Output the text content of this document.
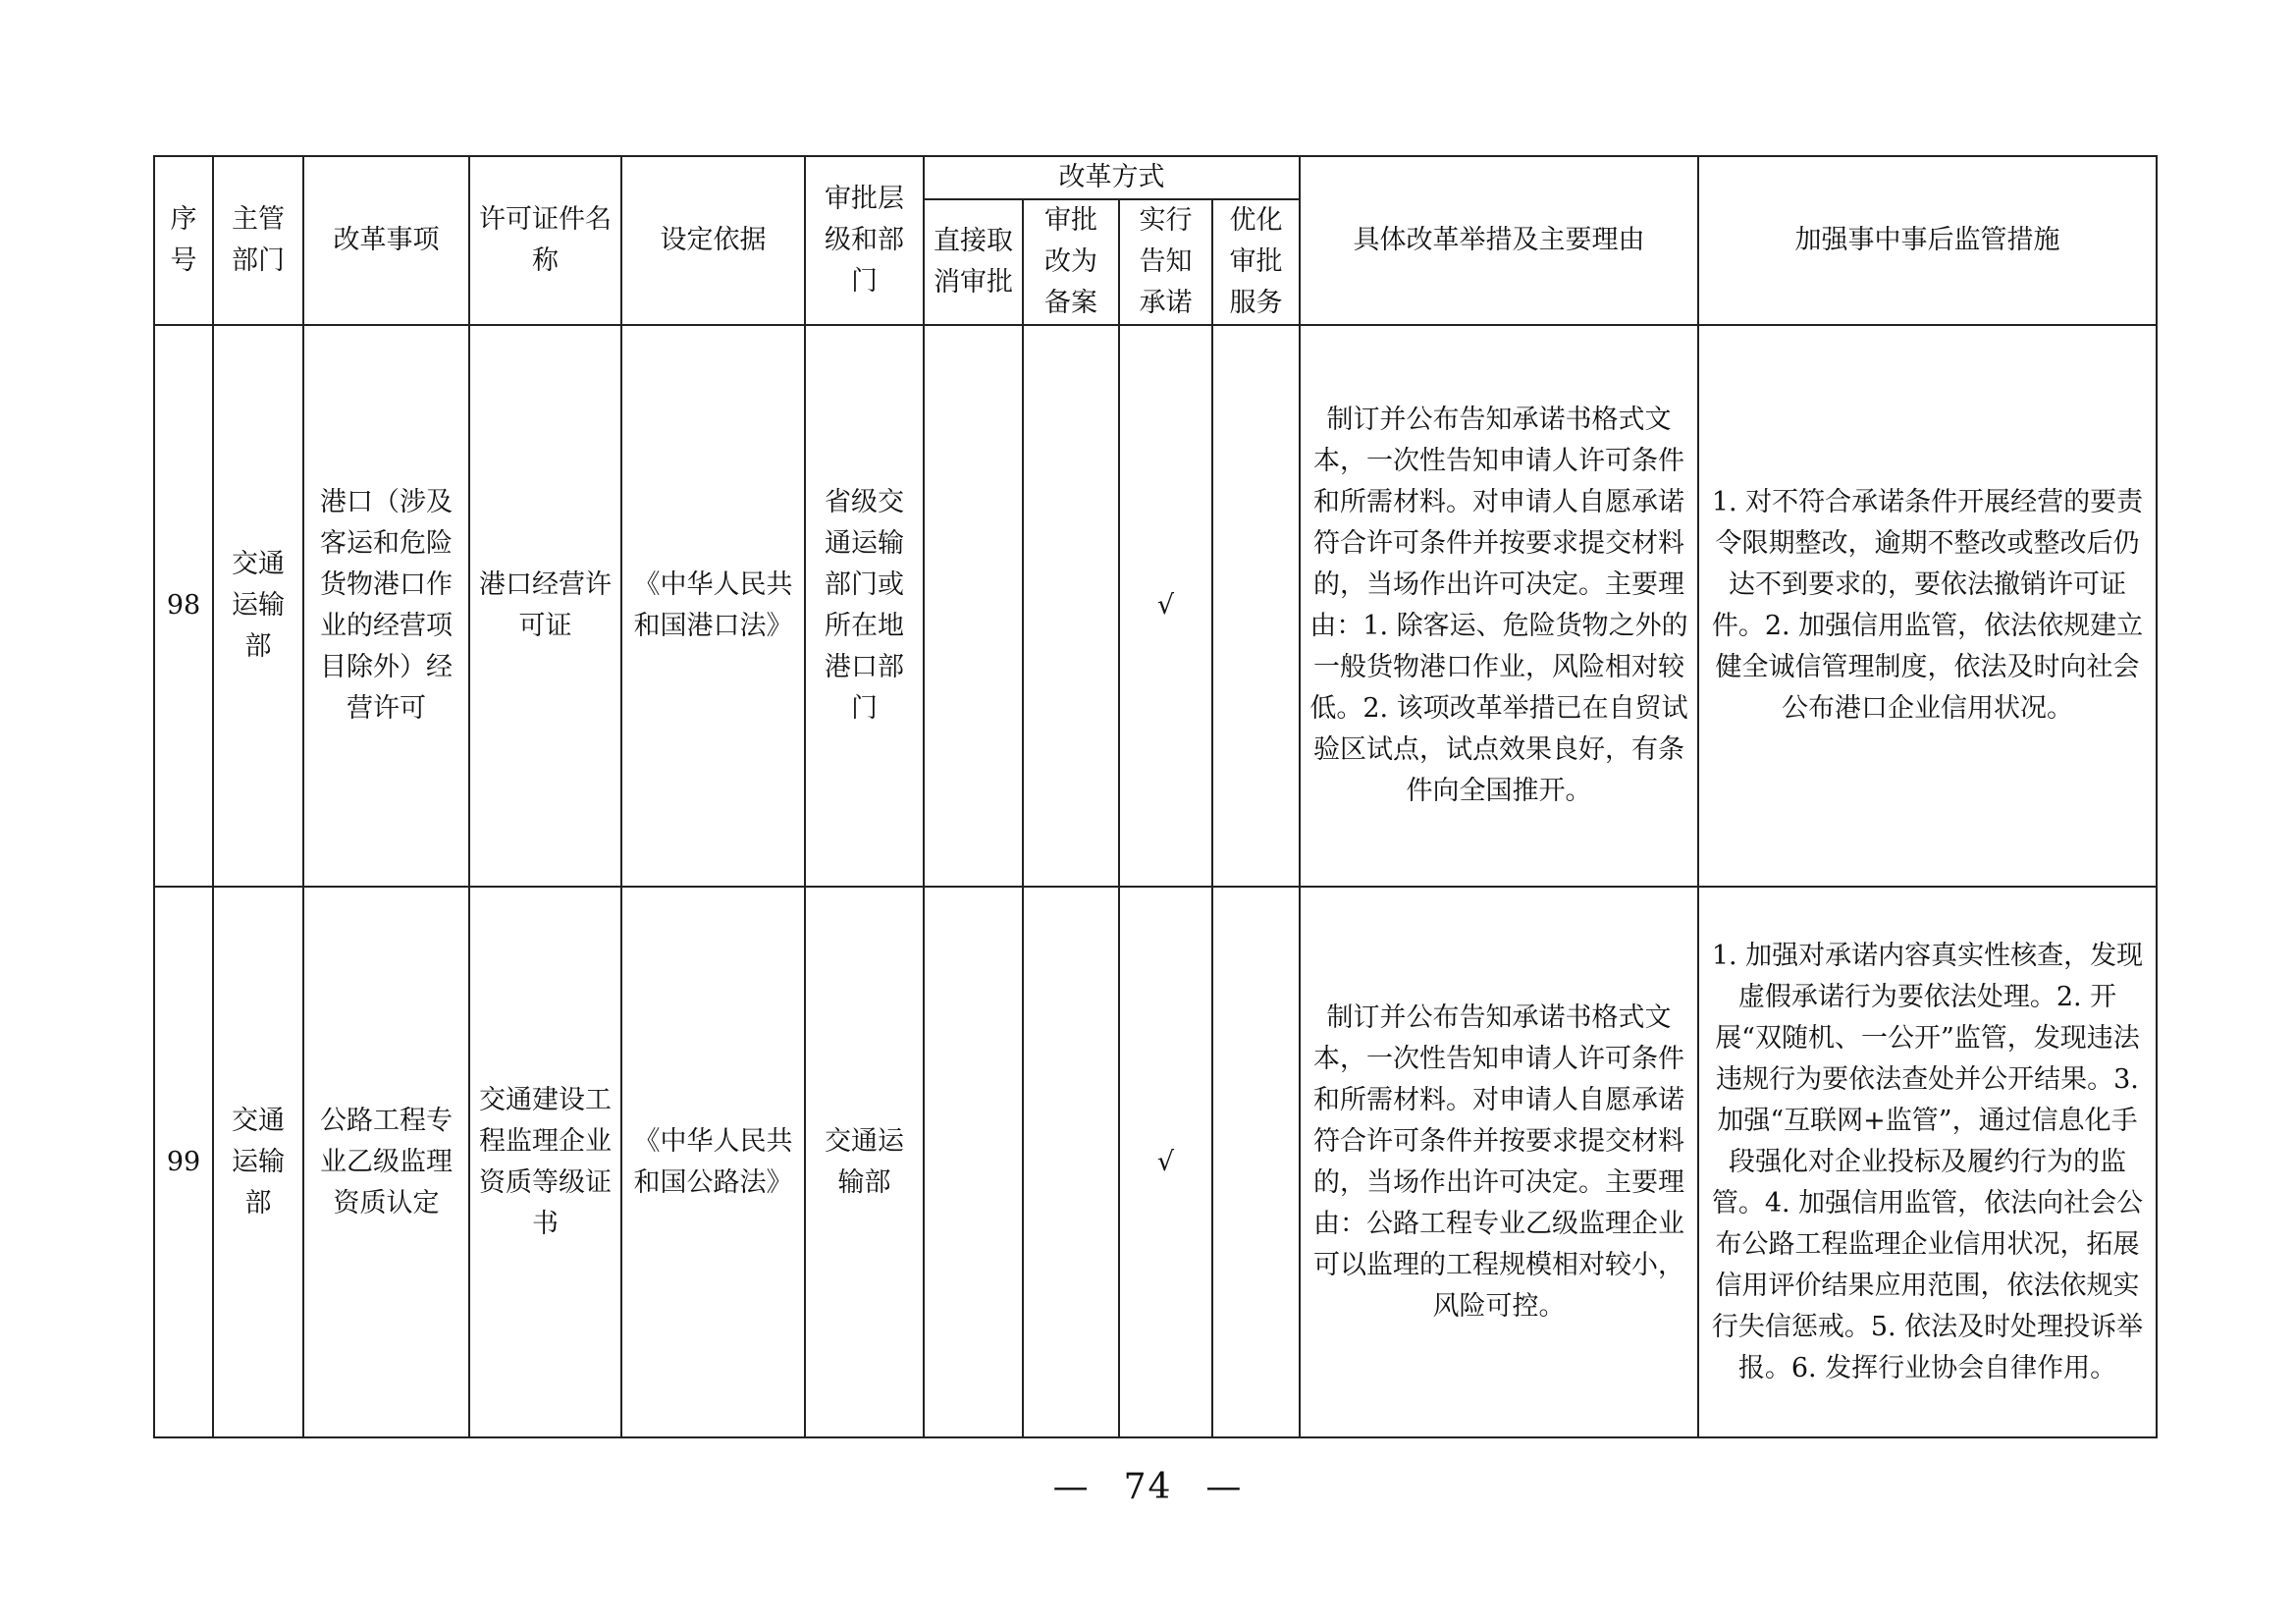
序号	主管部门	改革事项	许可证件名称	设定依据	审批层级和部门	改革方式				具体改革举措及主要理由	加强事中事后监管措施
						直接取消审批	审批改为备案	实行告知承诺	优化审批服务		
98	交通运输部	港口（涉及客运和危险货物港口作业的经营项目除外）经营许可	港口经营许可证	《中华人民共和国港口法》	省级交通运输部门或所在地港口部门			√		制订并公布告知承诺书格式文本，一次性告知申请人许可条件和所需材料。对申请人自愿承诺符合许可条件并按要求提交材料的，当场作出许可决定。主要理由：1. 除客运、危险货物之外的一般货物港口作业，风险相对较低。2. 该项改革举措已在自贸试验区试点，试点效果良好，有条件向全国推开。	1. 对不符合承诺条件开展经营的要责令限期整改，逾期不整改或整改后仍达不到要求的，要依法撤销许可证件。2. 加强信用监管，依法依规建立健全诚信管理制度，依法及时向社会公布港口企业信用状况。
99	交通运输部	公路工程专业乙级监理资质认定	交通建设工程监理企业资质等级证书	《中华人民共和国公路法》	交通运输部			√		制订并公布告知承诺书格式文本，一次性告知申请人许可条件和所需材料。对申请人自愿承诺符合许可条件并按要求提交材料的，当场作出许可决定。主要理由：公路工程专业乙级监理企业可以监理的工程规模相对较小，风险可控。	1. 加强对承诺内容真实性核查，发现虚假承诺行为要依法处理。2. 开展“双随机、一公开”监管，发现违法违规行为要依法查处并公开结果。3. 加强“互联网+监管”，通过信息化手段强化对企业投标及履约行为的监管。4. 加强信用监管，依法向社会公布公路工程监理企业信用状况，拓展信用评价结果应用范围，依法依规实行失信惩戒。5. 依法及时处理投诉举报。6. 发挥行业协会自律作用。
— 74 —
